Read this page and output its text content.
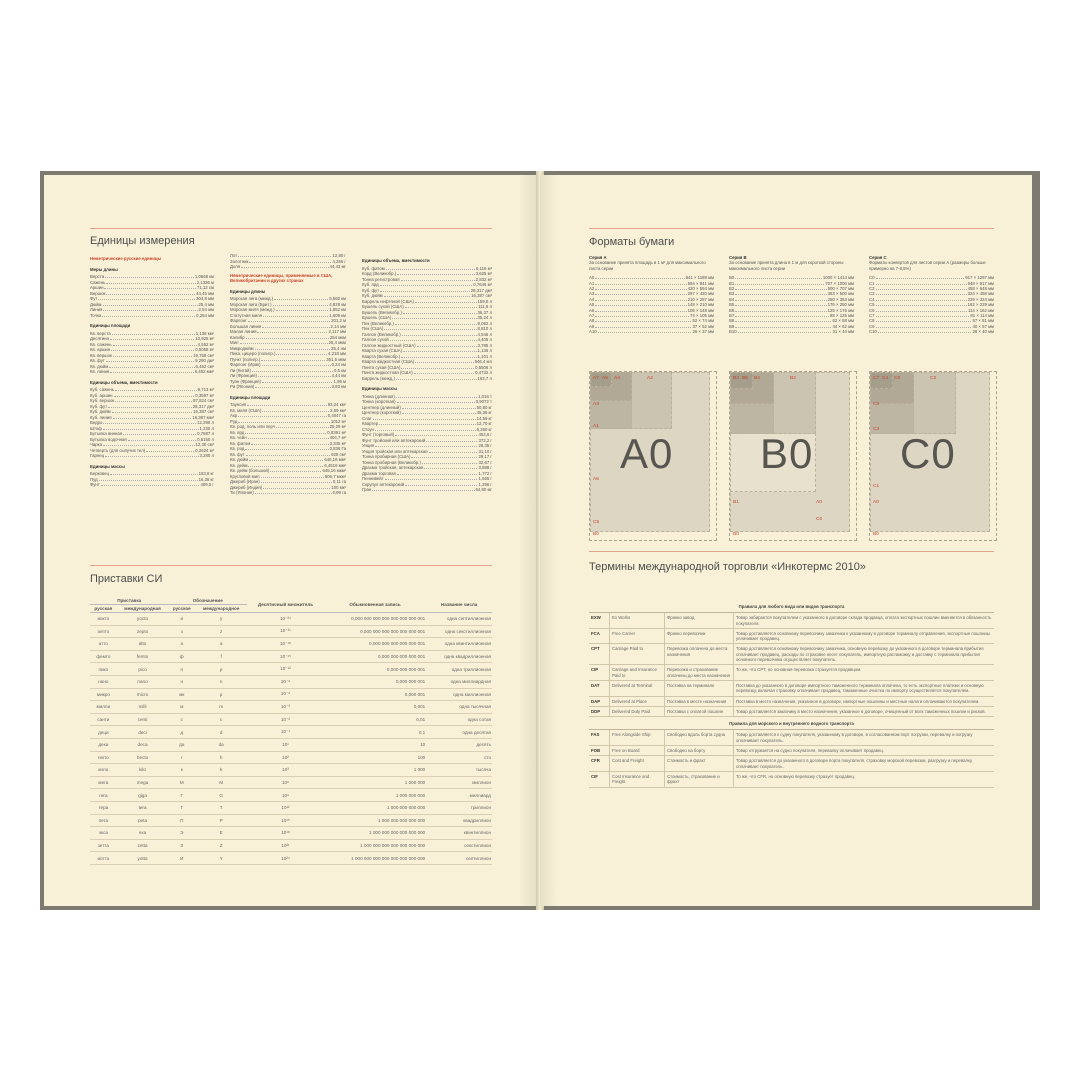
Единицы измерения
Неметрические русские единицы
Меры длины
Верста	1,0668 км
Сажень	2,1336 м
Аршин	71,12 см
Вершок	44,45 мм
Фут	304,8 мм
Дюйм	25,4 мм
Линия	2,54 мм
Точка	0,254 мм
Единицы площади
Кв. верста	1,138 км²
Десятина	10,925 м²
Кв. сажень	4,552 м²
Кв. аршин	0,5058 м²
Кв. вершок	19,758 см²
Кв. фут	9,290 дм²
Кв. дюйм	6,452 см²
Кв. линия	6,452 мм²
Единицы объема, вместимости
Куб. сажень	9,713 м³
Куб. аршин	0,3597 м³
Куб. вершок	87,824 см³
Куб. фут	28,317 дм³
Куб. дюйм	16,387 см³
Куб. линия	16,387 мм³
Ведро	12,299 л
Штоф	1,230 л
Бутылка винная	0,7687 л
Бутылка водочная	0,6150 л
Чарка	12,30 см³
Четверть (для сыпучих тел)	0,2624 м³
Гарнец	3,280 л
Единицы массы
Берковец	163,8 кг
Пуд	16,38 кг
Фунт	409,5 г
Лот	12,80 г
Золотник	4,266 г
Доля	44,43 мг
Неметрические единицы, применяемые в США, Великобритании и других странах
Единицы длины
Морская лига (межд.)	5,560 км
Морская лига (Брит.)	4,828 км
Морская миля (межд.)	1,852 км
Статутная миля	1,609 км
Фарлонг	201,2 м
Большая линия	2,14 мм
Малая линия	2,117 мм
Калибр	254 мкм
Мил	25,4 мкм
Микродюйм	25,4 нм
Пика, цицеро (полигр.)	4,218 мм
Пункт (полигр.)	351,5 мкм
Фарлонг (Ирак)	0,24 км
Ли (Китай)	0,5 км
Ли (Франция)	4,44 км
Туан (Франция)	1,95 м
Ри (Япония)	3,93 км
Единицы площади
Таунсип	93,24 км²
Кв. миля (США)	2,59 км²
Акр	0,4047 га
Руд	1012 м²
Кв. род, поль или перч	25,29 м²
Кв. ярд	0,8361 м²
Кв. чейн	404,7 м²
Кв. фатом	3,345 м²
Кв. род	0,836 Га
Кв. фут	929 см²
Кв. дюйм	645,16 мм²
Кв. дейм	6,4516 мм²
Кв. дейм (большой)	645,16 мкм²
Кругловой мил	506,7 мкм²
Джериб (Иран)	0,11 га
Джериб (Индия)	100 мк²
Ти (Япония)	0,99 га
Единицы объема, вместимости
Куб. фатом	6,116 м³
Корд (Великобр.)	3,625 м³
Тонна регистровая	2,832 м³
Куб. ярд	0,7646 м³
Куб. фут	28,317 дм³
Куб. дюйм	16,387 см³
Баррель нефтяной (США)	159,0 л
Бушель сухой (США)	111,5 л
Бушель (Великобр.)	36,37 л
Бушель (США)	35,24 л
Пек (Великобр.)	9,092 л
Пек (США)	8,810 л
Галлон (Великобр.)	4,546 л
Галлон сухой	4,405 л
Галлон жидкостный (США)	3,785 л
Кварта сухая (США)	1,136 л
Кварта (Великобр.)	1,101 л
Кварта жидкостная (США)	946,4 мл
Пинта сухая (США)	0,5506 л
Пинта жидкостная (США)	0,4732 л
Баррель (межд.)	163,7 л
Единицы массы
Тонна (длинная)	1,016 т
Тонна (короткая)	0,9072 т
Центнер (длинный)	50,80 кг
Центнер (короткий)	45,36 кг
Слаг	14,59 кг
Квартер	12,70 кг
Стоун	6,350 кг
Фунт (торговый)	453,6 г
Фунт тройский или аптекарский	373,2 г
Унция	28,35 г
Унция тройская или аптекарская	31,10 г
Тонна пробирная (США)	29,17 г
Тонна пробирная (Великобр.)	32,67 г
Драхма тройская, аптекарская	3,888 г
Драхма торговая	1,772 г
Пеннивейт	1,555 г
Скрупул аптекарский	1,296 г
Гран	64,80 мг
Приставки СИ
Приставка		Обозначение		Десятичный множитель	Обыкновенная запись	Название числа
русская	международная	русское	международное			
иокто	yocto	и	y	10⁻²⁴	0,000 000 000 000 000 000 000 001	одна септиллионная
зепто	zepto	з	z	10⁻²¹	0,000 000 000 000 000 000 001	одна секстиллионная
атто	atto	а	a	10⁻¹⁸	0,000 000 000 000 000 001	одна квинтиллионная
фемто	femto	ф	f	10⁻¹⁵	0,000 000 000 000 001	одна квадриллионная
пико	pico	п	p	10⁻¹²	0,000 000 000 001	одна триллионная
нано	nano	н	n	10⁻⁹	0,000 000 001	одна миллиардная
микро	micro	мк	μ	10⁻⁶	0,000 001	одна миллионная
милли	milli	м	m	10⁻³	0,001	одна тысячная
санти	centi	с	c	10⁻²	0,01	одна сотая
деци	deci	д	d	10⁻¹	0,1	одна десятая
дека	deca	да	da	10¹	10	десять
гекто	hecto	г	h	10²	100	сто
кило	kilo	к	k	10³	1 000	тысяча
мега	mega	М	M	10⁶	1 000 000	миллион
гига	giga	Г	G	10⁹	1 000 000 000	миллиард
тера	tera	Т	T	10¹²	1 000 000 000 000	триллион
пета	peta	П	P	10¹⁵	1 000 000 000 000 000	квадриллион
экса	exa	Э	E	10¹⁸	1 000 000 000 000 000 000	квинтиллион
зетта	zetta	З	Z	10²¹	1 000 000 000 000 000 000 000	секстиллион
иотта	yotta	И	Y	10²⁴	1 000 000 000 000 000 000 000 000	септиллион
Форматы бумаги
Серия А
За основание принята площадь в 1 м² для максимального листа серии
A0	841 × 1189 мм
A1	594 × 841 мм
A2	420 × 594 мм
A3	297 × 420 мм
A4	210 × 297 мм
A5	148 × 210 мм
A6	105 × 148 мм
A7	74 × 105 мм
A8	52 × 74 мм
A9	37 × 52 мм
A10	26 × 37 мм
Серия В
За основание принята длина в 1 м для короткой стороны максимального листа серии
B0	1000 × 1414 мм
B1	707 × 1000 мм
B2	500 × 707 мм
B3	353 × 500 мм
B4	250 × 353 мм
B5	176 × 250 мм
B6	125 × 176 мм
B7	88 × 125 мм
B8	62 × 88 мм
B9	44 × 62 мм
B10	31 × 44 мм
Серия С
Форматы конвертов для листов серии А (размеры больше примерно на 7-8,5%)
C0	917 × 1297 мм
C1	648 × 917 мм
C2	458 × 648 мм
C3	324 × 458 мм
C4	229 × 324 мм
C5	162 × 229 мм
C6	114 × 162 мм
C7	81 × 114 мм
C8	57 × 81 мм
C9	40 × 57 мм
C10	28 × 40 мм
A7 A5 A4	A2
A3
A1
A0
A6
C5
B0
B3 B5 B4	B2
B0
B1	A0
C0
B0
C7 C4 C6	C2
C5
C3
C0
C1
A0
B0
Термины международной торговли «Инкотермс 2010»
Правила для любого вида или видов транспорта			
EXW	Ex Works	Франко завод	Товар забирается покупателем с указанного в договоре склада продавца, оплата экспортных пошлин вменяется в обязанность покупателя.
FCA	Free Carrier	Франко перевозчик	Товар доставляется основному перевозчику заказчика к указанному в договоре терминалу отправления, экспортные пошлины уплачивает продавец.
CPT	Carriage Paid to	Перевозка оплачена до места назначения	Товар доставляется основному перевозчику заказчика, основную перевозку до указанного в договоре терминала прибытия оплачивает продавец, расходы по страховке несет покупатель, импортную растаможку и доставку с терминала прибытия основного перевозчика осуществляет покупатель.
CIP	Carriage and Insurance Paid to	Перевозка и страхование оплачены до места назначения	То же, что CPT, но основная перевозка страхуется продавцом.
DAT	Delivered at Terminal	Поставка на терминале	Поставка до указанного в договоре импортного таможенного терминала оплачена, то есть экспортные платежи и основную перевозку, включая страховку оплачивает продавец, таможенные очистка по импорту осуществляется покупателем.
DAP	Delivered at Place	Поставка в месте назначения	Поставка в место назначения, указанное в договоре, импортные пошлины и местные налоги оплачиваются покупателем.
DDP	Delivered Duty Paid	Поставка с оплатой пошлин	Товар доставляется заказчику в место назначения, указанное в договоре, очищенный от всех таможенных пошлин и рисков.
Правила для морского и внутреннего водного транспорта			
FAS	Free Alongside Ship	Свободно вдоль борта судна	Товар доставляется к судну покупателя, указанному в договоре, в согласованном порт погрузки, перевалку и погрузку оплачивает покупатель.
FOB	Free on Board	Свободно на борту	Товар отгружается на судно покупателя, перевалку оплачивает продавец.
CFR	Cost and Freight	Стоимость и фрахт	Товар доставляется до указанного в договоре порта покупателя, страховку морской перевозки, разгрузку и перевалку оплачивает покупатель.
CIF	Cost Insurance and Freight	Стоимость, страхование и фрахт	То же, что CFR, но основную перевозку страхует продавец.
